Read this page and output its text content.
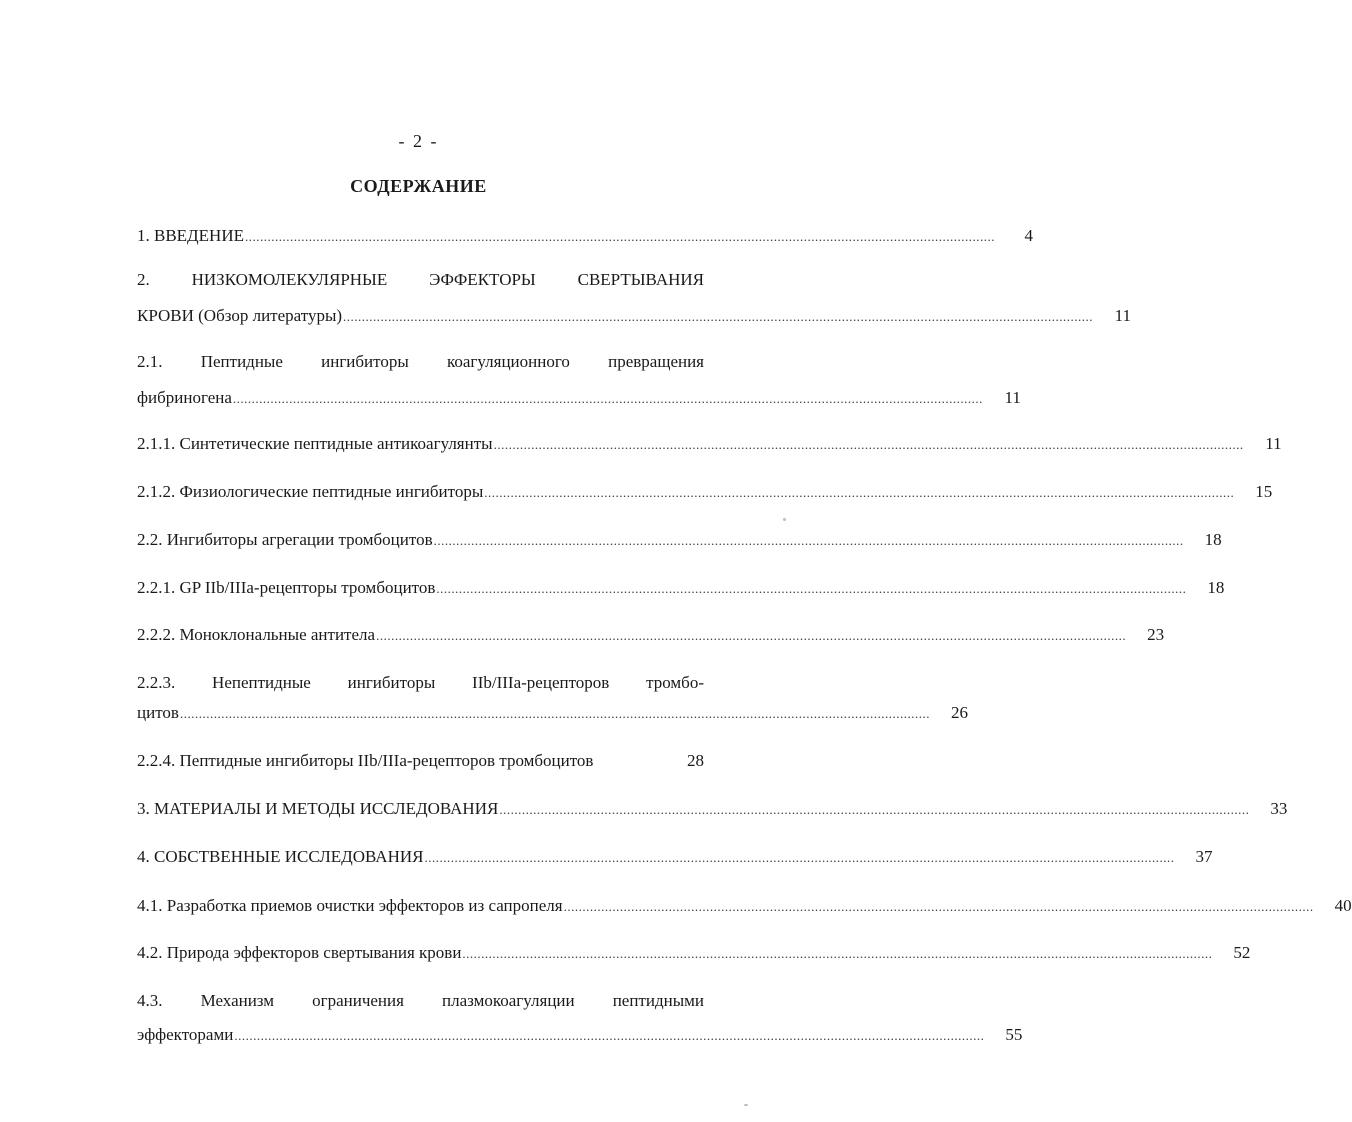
- 2 -
СОДЕРЖАНИЕ
1. ВВЕДЕНИЕ ........................................................................................................................................................................................................	4
2. НИЗКОМОЛЕКУЛЯРНЫЕ ЭФФЕКТОРЫ СВЕРТЫВАНИЯ
КРОВИ (Обзор литературы) ........................................................................................................................................................................................................	11
2.1. Пептидные ингибиторы коагуляционного превращения
фибриногена ........................................................................................................................................................................................................	11
2.1.1. Синтетические пептидные антикоагулянты ........................................................................................................................................................................................................	11
2.1.2. Физиологические пептидные ингибиторы ........................................................................................................................................................................................................	15
2.2. Ингибиторы агрегации тромбоцитов ........................................................................................................................................................................................................	18
2.2.1. GP IIb/IIIa-рецепторы тромбоцитов ........................................................................................................................................................................................................	18
2.2.2. Моноклональные антитела ........................................................................................................................................................................................................	23
2.2.3. Непептидные ингибиторы IIb/IIIa-рецепторов тромбо-
цитов ........................................................................................................................................................................................................	26
2.2.4. Пептидные ингибиторы IIb/IIIa-рецепторов тромбоцитов	28
3. МАТЕРИАЛЫ И МЕТОДЫ ИССЛЕДОВАНИЯ ........................................................................................................................................................................................................	33
4. СОБСТВЕННЫЕ ИССЛЕДОВАНИЯ ........................................................................................................................................................................................................	37
4.1. Разработка приемов очистки эффекторов из сапропеля ........................................................................................................................................................................................................	40
4.2. Природа эффекторов свертывания крови ........................................................................................................................................................................................................	52
4.3. Механизм ограничения плазмокоагуляции пептидными
эффекторами ........................................................................................................................................................................................................	55
